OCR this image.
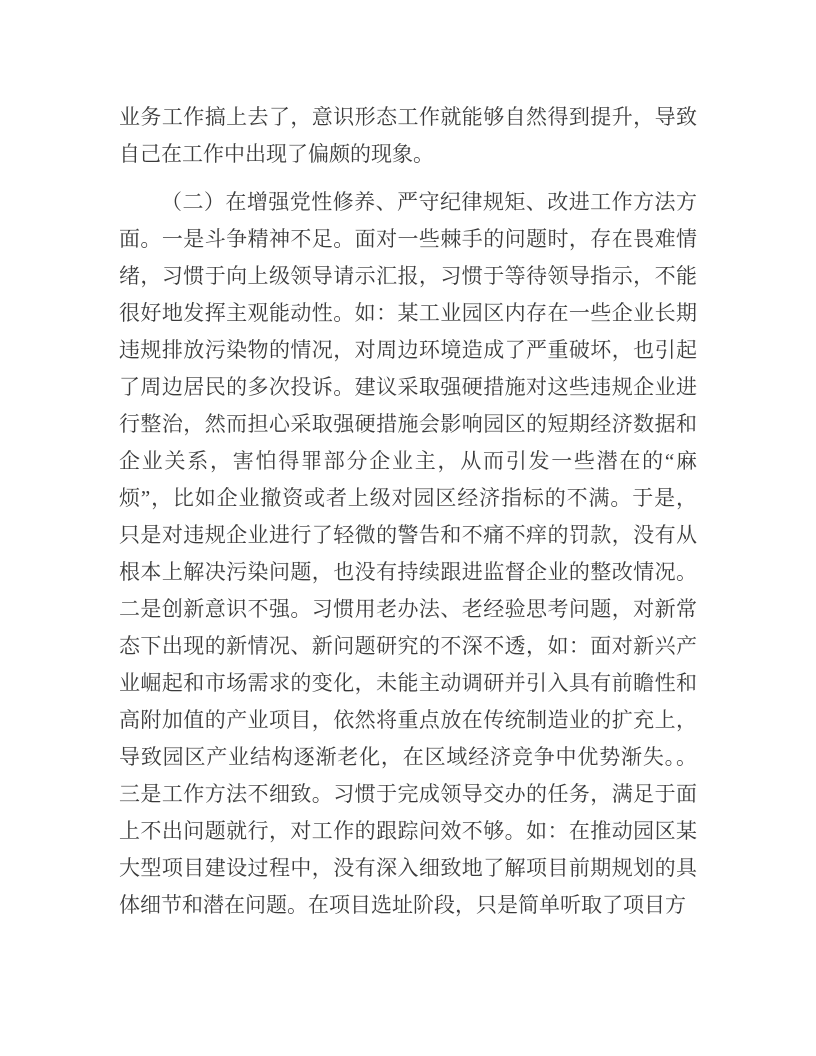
业务工作搞上去了，意识形态工作就能够自然得到提升，导致
自己在工作中出现了偏颇的现象。
（二）在增强党性修养、严守纪律规矩、改进工作方法方
面。一是斗争精神不足。面对一些棘手的问题时，存在畏难情
绪，习惯于向上级领导请示汇报，习惯于等待领导指示，不能
很好地发挥主观能动性。如：某工业园区内存在一些企业长期
违规排放污染物的情况，对周边环境造成了严重破坏，也引起
了周边居民的多次投诉。建议采取强硬措施对这些违规企业进
行整治，然而担心采取强硬措施会影响园区的短期经济数据和
企业关系，害怕得罪部分企业主，从而引发一些潜在的“麻
烦”，比如企业撤资或者上级对园区经济指标的不满。于是，
只是对违规企业进行了轻微的警告和不痛不痒的罚款，没有从
根本上解决污染问题，也没有持续跟进监督企业的整改情况。
二是创新意识不强。习惯用老办法、老经验思考问题，对新常
态下出现的新情况、新问题研究的不深不透，如：面对新兴产
业崛起和市场需求的变化，未能主动调研并引入具有前瞻性和
高附加值的产业项目，依然将重点放在传统制造业的扩充上，
导致园区产业结构逐渐老化，在区域经济竞争中优势渐失。。
三是工作方法不细致。习惯于完成领导交办的任务，满足于面
上不出问题就行，对工作的跟踪问效不够。如：在推动园区某
大型项目建设过程中，没有深入细致地了解项目前期规划的具
体细节和潜在问题。在项目选址阶段，只是简单听取了项目方
